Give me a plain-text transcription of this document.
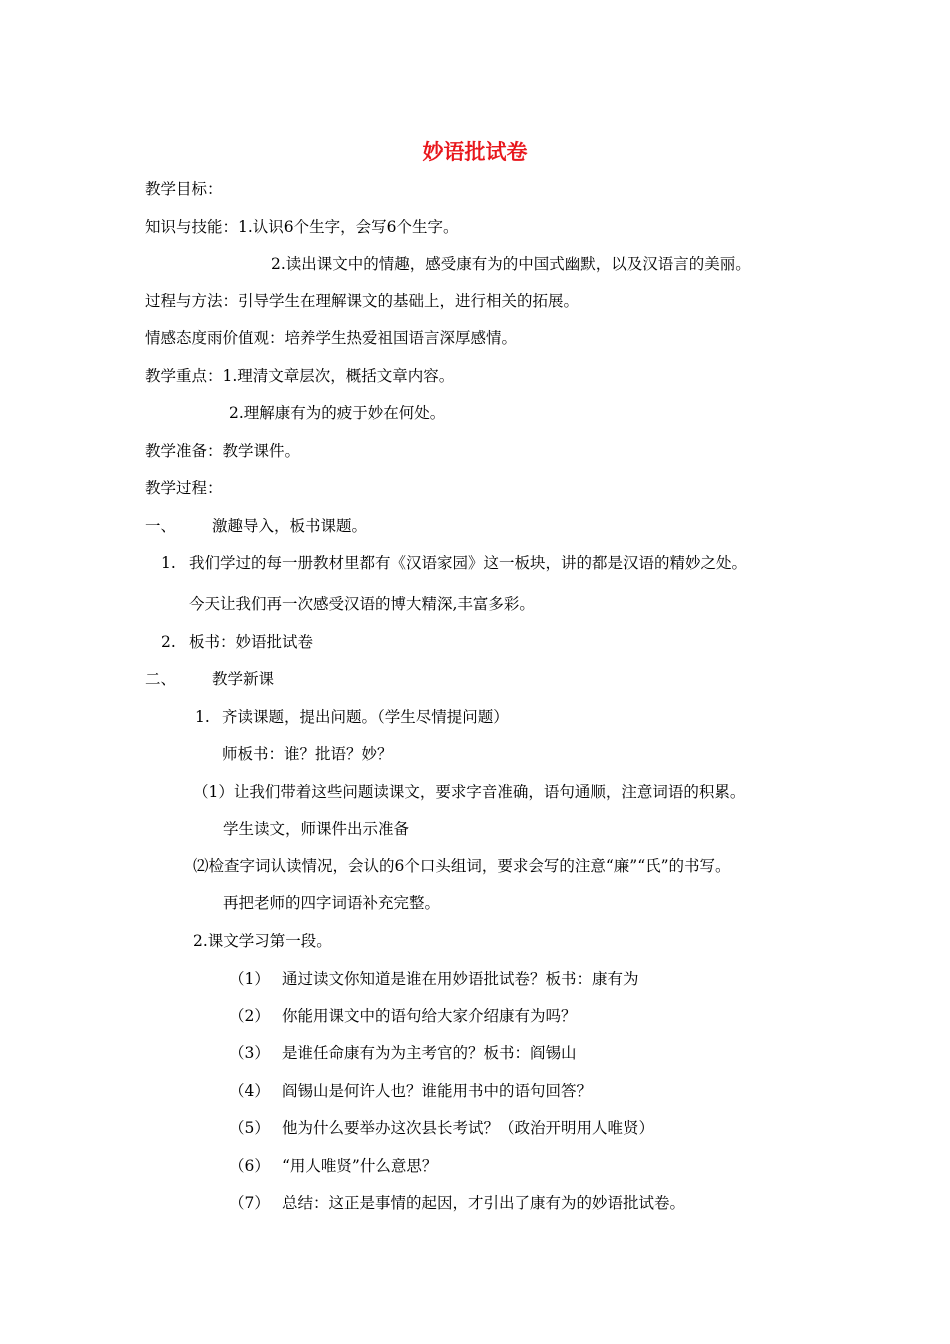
妙语批试卷
教学目标：
知识与技能：1.认识6个生字，会写6个生字。
2.读出课文中的情趣，感受康有为的中国式幽默，以及汉语言的美丽。
过程与方法：引导学生在理解课文的基础上，进行相关的拓展。
情感态度雨价值观：培养学生热爱祖国语言深厚感情。
教学重点：1.理清文章层次，概括文章内容。
2.理解康有为的疲于妙在何处。
教学准备：教学课件。
教学过程：
一、 激趣导入，板书课题。
1. 我们学过的每一册教材里都有《汉语家园》这一板块，讲的都是汉语的精妙之处。
今天让我们再一次感受汉语的博大精深,丰富多彩。
2. 板书：妙语批试卷
二、 教学新课
1. 齐读课题，提出问题。（学生尽情提问题）
师板书：谁？批语？妙？
（1）让我们带着这些问题读课文，要求字音准确，语句通顺，注意词语的积累。
学生读文，师课件出示准备
⑵检查字词认读情况，会认的6个口头组词，要求会写的注意“廉”“氏”的书写。
再把老师的四字词语补充完整。
2.课文学习第一段。
（1） 通过读文你知道是谁在用妙语批试卷？板书：康有为
（2） 你能用课文中的语句给大家介绍康有为吗？
（3） 是谁任命康有为为主考官的？板书：阎锡山
（4） 阎锡山是何许人也？谁能用书中的语句回答？
（5） 他为什么要举办这次县长考试？（政治开明用人唯贤）
（6） “用人唯贤”什么意思？
（7） 总结：这正是事情的起因，才引出了康有为的妙语批试卷。
